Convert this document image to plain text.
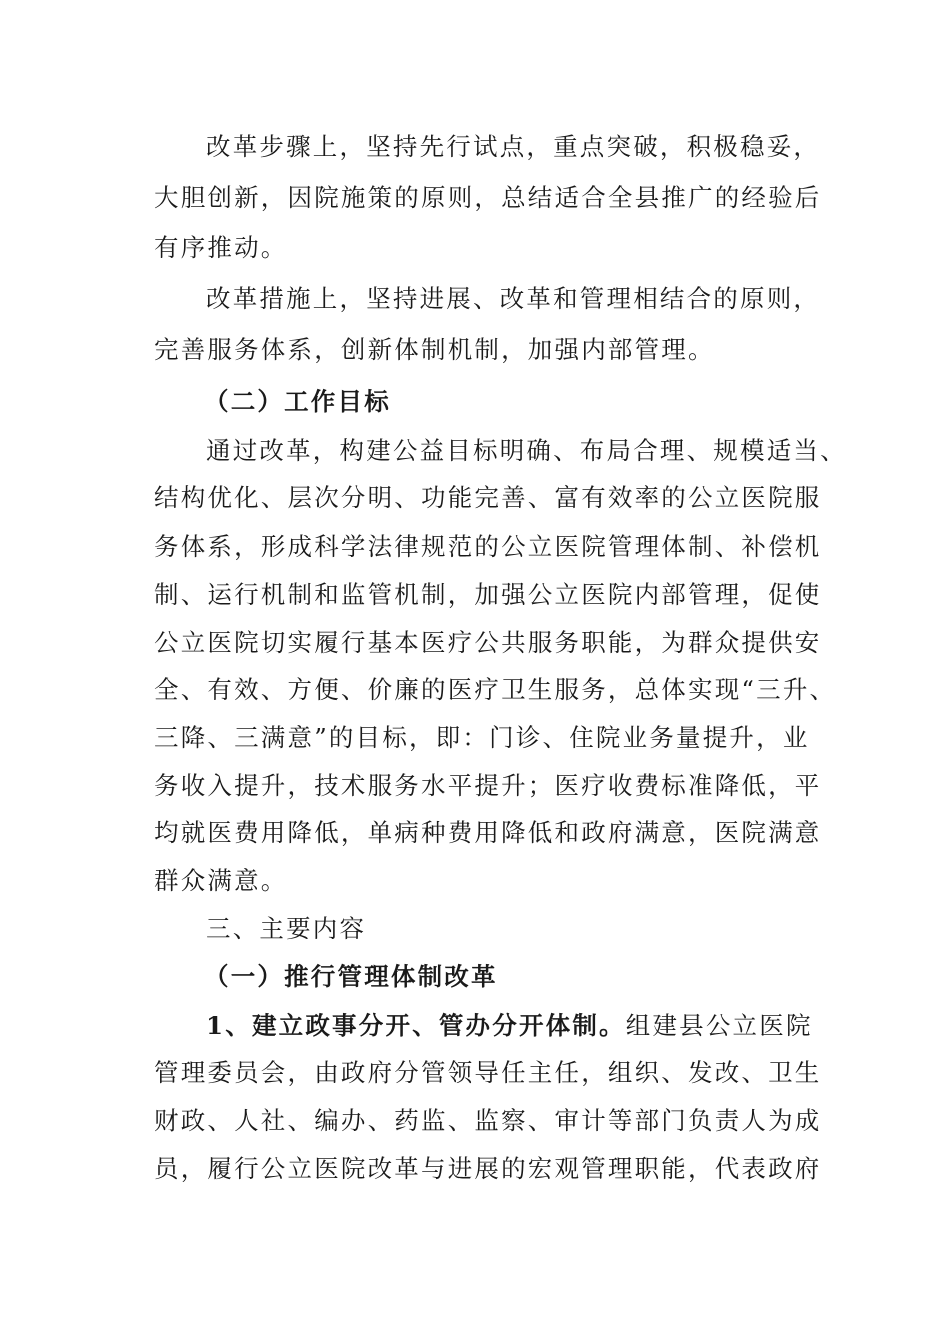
改革步骤上，坚持先行试点，重点突破，积极稳妥，
大胆创新，因院施策的原则，总结适合全县推广的经验后
有序推动。
改革措施上，坚持进展、改革和管理相结合的原则，
完善服务体系，创新体制机制，加强内部管理。
（二）工作目标
通过改革，构建公益目标明确、布局合理、规模适当、
结构优化、层次分明、功能完善、富有效率的公立医院服
务体系，形成科学法律规范的公立医院管理体制、补偿机
制、运行机制和监管机制，加强公立医院内部管理，促使
公立医院切实履行基本医疗公共服务职能，为群众提供安
全、有效、方便、价廉的医疗卫生服务，总体实现“三升、
三降、三满意”的目标，即：门诊、住院业务量提升，业
务收入提升，技术服务水平提升；医疗收费标准降低，平
均就医费用降低，单病种费用降低和政府满意，医院满意
群众满意。
三、主要内容
（一）推行管理体制改革
1、建立政事分开、管办分开体制。组建县公立医院
管理委员会，由政府分管领导任主任，组织、发改、卫生
财政、人社、编办、药监、监察、审计等部门负责人为成
员，履行公立医院改革与进展的宏观管理职能，代表政府
